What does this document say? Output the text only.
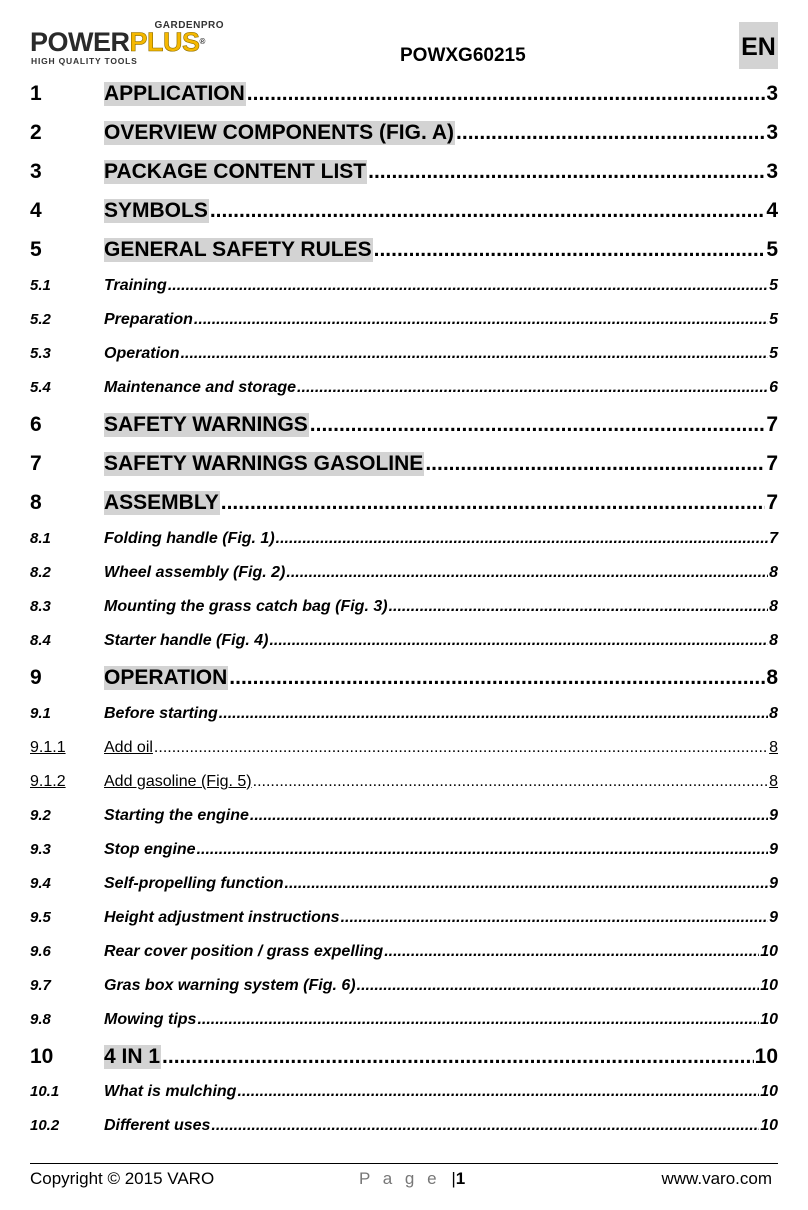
GARDENPRO
POWERPLUS®
HIGH QUALITY TOOLS	POWXG60215	EN
1	APPLICATION .....	3
2	OVERVIEW COMPONENTS (FIG. A) .....	3
3	PACKAGE CONTENT LIST .....	3
4	SYMBOLS .....	4
5	GENERAL SAFETY RULES .....	5
5.1	Training .....	5
5.2	Preparation .....	5
5.3	Operation .....	5
5.4	Maintenance and storage .....	6
6	SAFETY WARNINGS .....	7
7	SAFETY WARNINGS GASOLINE .....	7
8	ASSEMBLY .....	7
8.1	Folding handle (Fig. 1) .....	7
8.2	Wheel assembly (Fig. 2) .....	8
8.3	Mounting the grass catch bag (Fig. 3) .....	8
8.4	Starter handle (Fig. 4) .....	8
9	OPERATION .....	8
9.1	Before starting .....	8
9.1.1	Add oil .....	8
9.1.2	Add gasoline (Fig. 5) .....	8
9.2	Starting the engine .....	9
9.3	Stop engine .....	9
9.4	Self-propelling function .....	9
9.5	Height adjustment instructions .....	9
9.6	Rear cover position / grass expelling .....	10
9.7	Gras box warning system (Fig. 6) .....	10
9.8	Mowing tips .....	10
10	4 IN 1 .....	10
10.1	What is mulching .....	10
10.2	Different uses .....	10
Copyright © 2015 VARO	P a g e |1	www.varo.com
